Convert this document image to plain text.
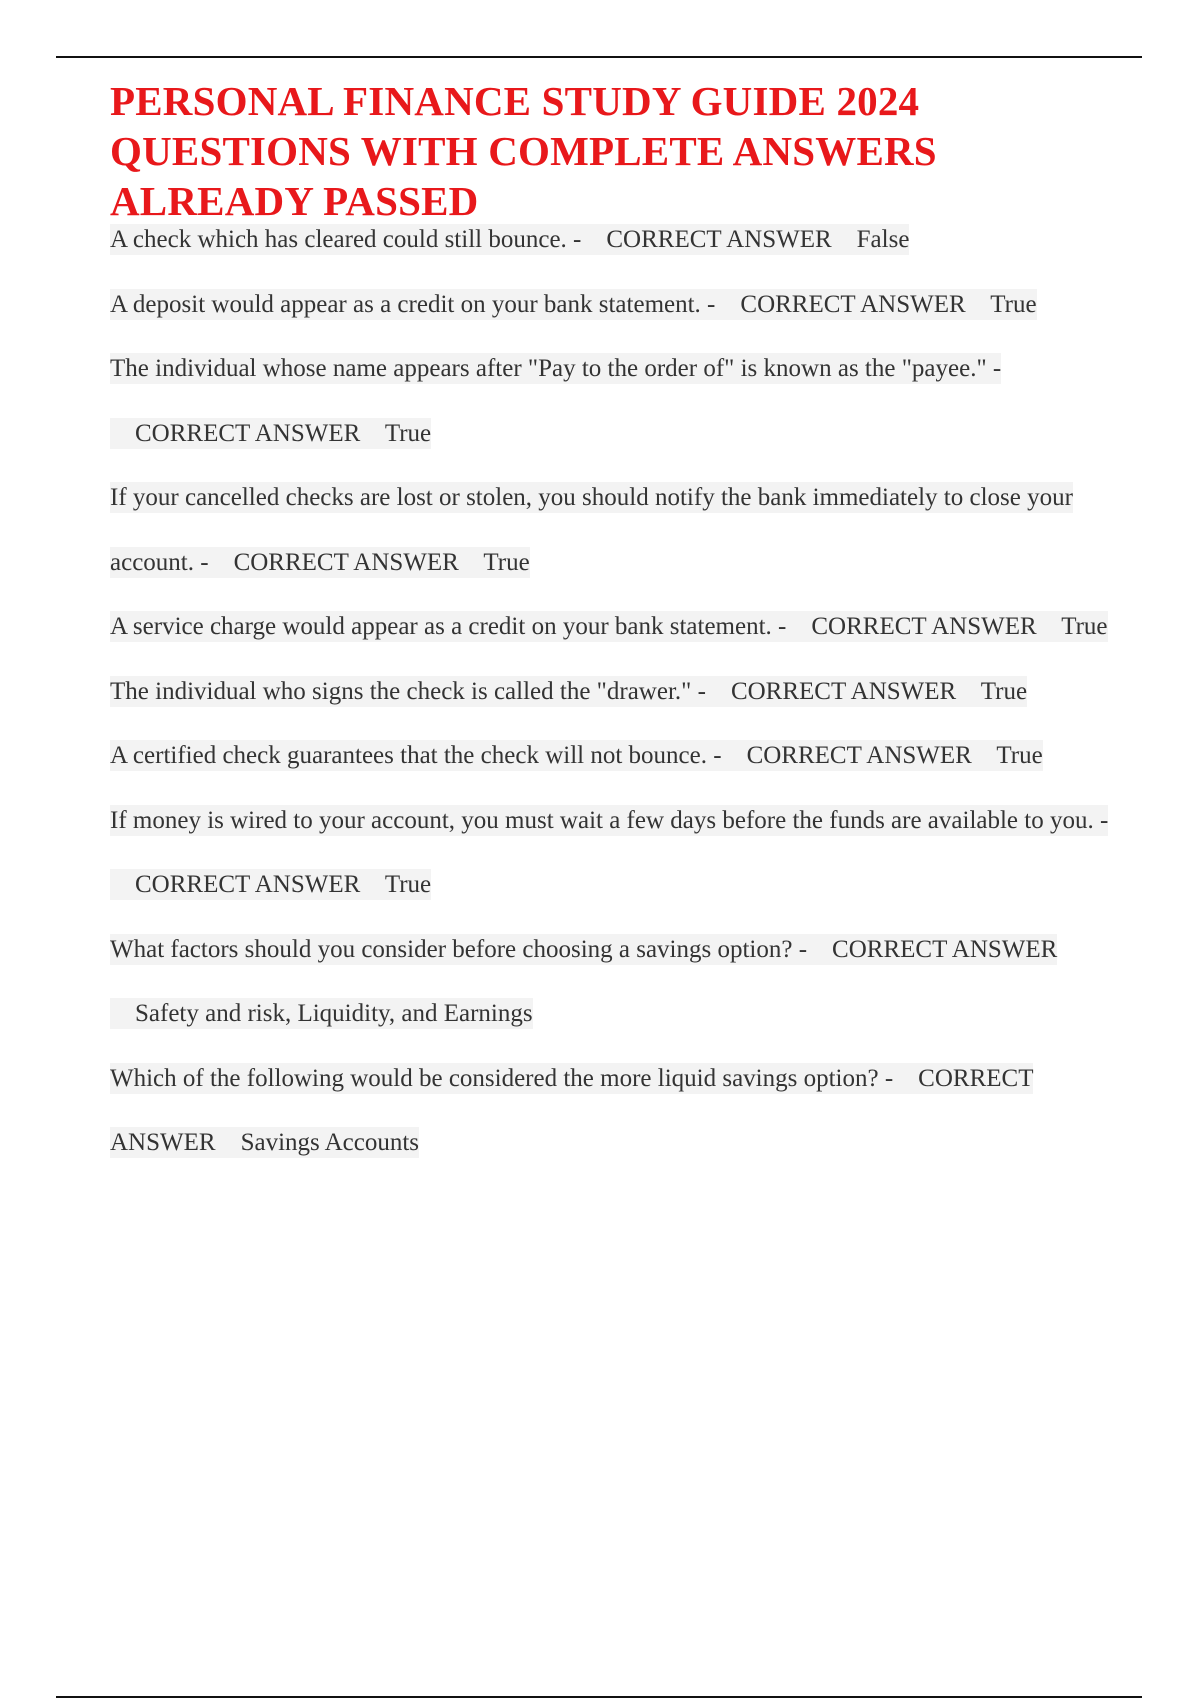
PERSONAL FINANCE STUDY GUIDE 2024 QUESTIONS WITH COMPLETE ANSWERS ALREADY PASSED

A check which has cleared could still bounce. - CORRECT ANSWER False

A deposit would appear as a credit on your bank statement. - CORRECT ANSWER True

The individual whose name appears after "Pay to the order of" is known as the "payee." -    CORRECT ANSWER True

If your cancelled checks are lost or stolen, you should notify the bank immediately to close your account. - CORRECT ANSWER True

A service charge would appear as a credit on your bank statement. - CORRECT ANSWER True

The individual who signs the check is called the "drawer." - CORRECT ANSWER True

A certified check guarantees that the check will not bounce. - CORRECT ANSWER True

If money is wired to your account, you must wait a few days before the funds are available to you. -    CORRECT ANSWER True

What factors should you consider before choosing a savings option? - CORRECT ANSWER    Safety and risk, Liquidity, and Earnings

Which of the following would be considered the more liquid savings option? - CORRECT ANSWER Savings Accounts
